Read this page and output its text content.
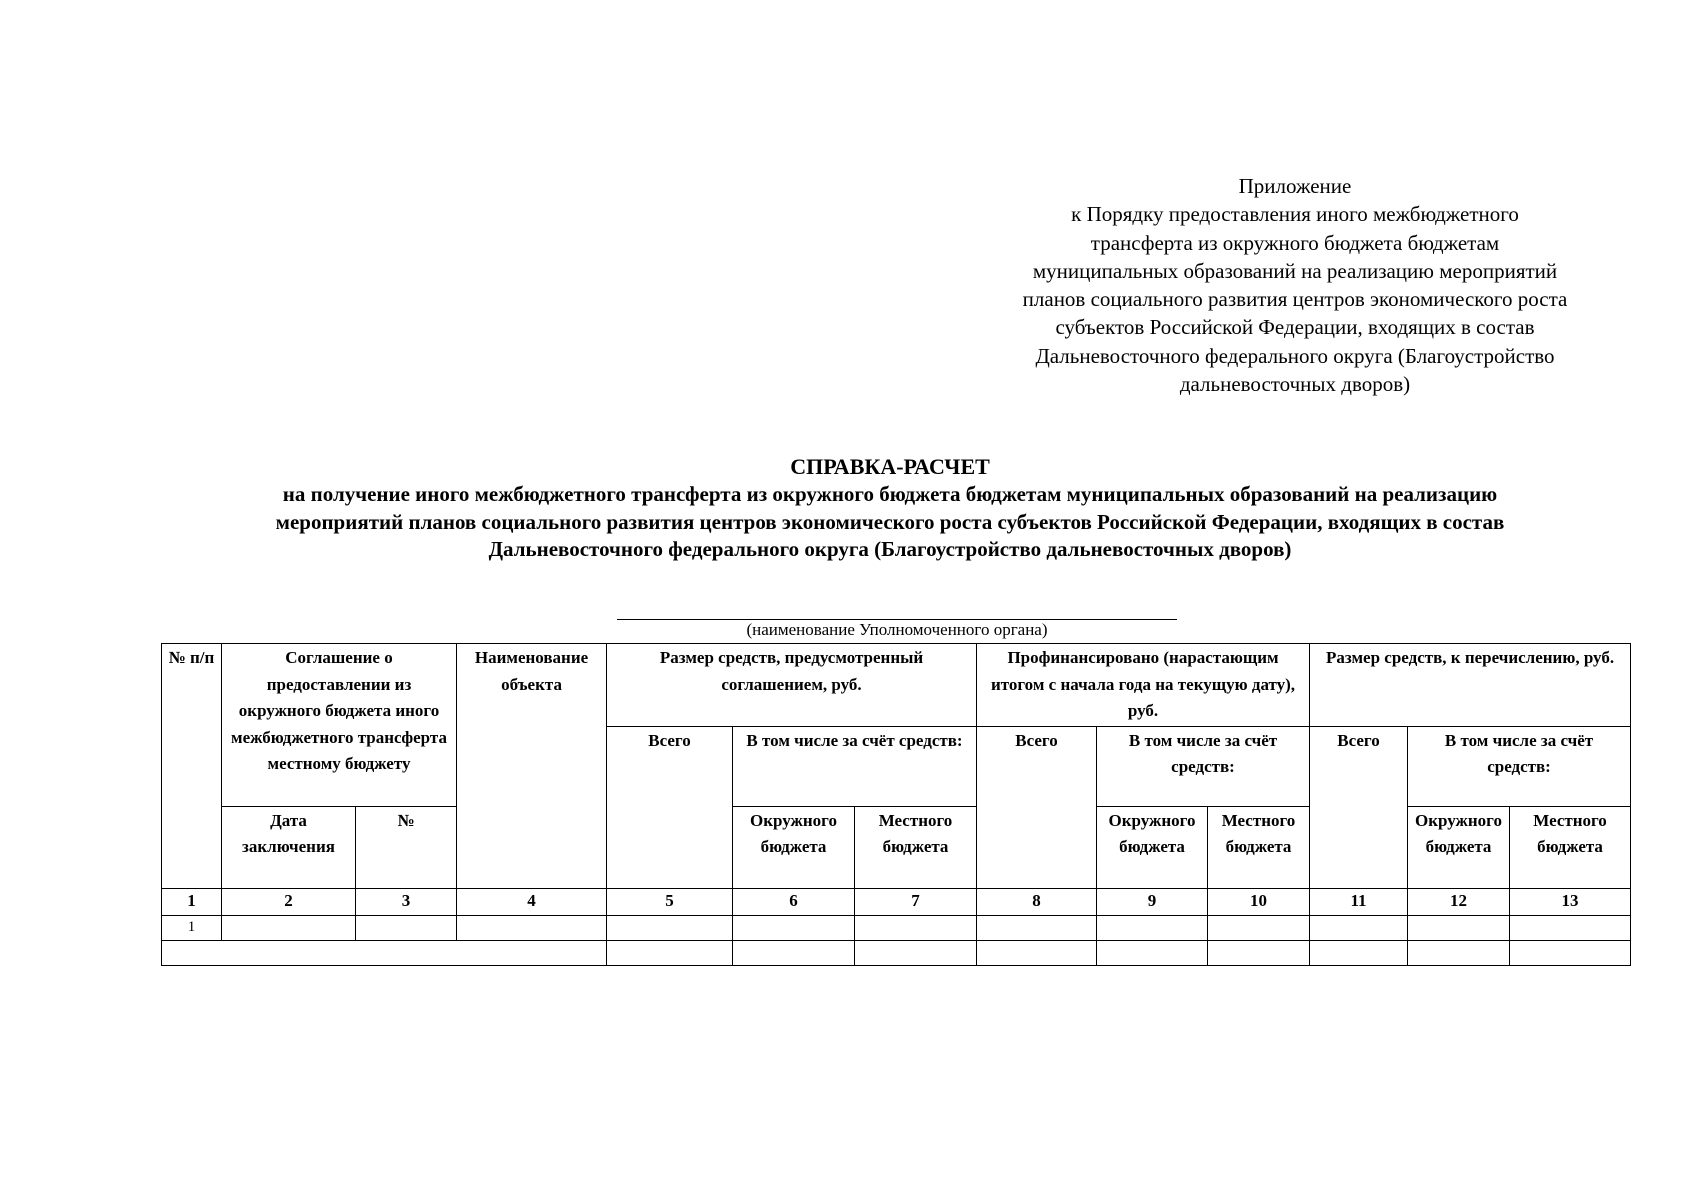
Приложение
к Порядку предоставления иного межбюджетного
трансферта из окружного бюджета бюджетам
муниципальных образований на реализацию мероприятий
планов социального развития центров экономического роста
субъектов Российской Федерации, входящих в состав
Дальневосточного федерального округа (Благоустройство
дальневосточных дворов)
СПРАВКА-РАСЧЕТ
на получение иного межбюджетного трансферта из окружного бюджета бюджетам муниципальных образований на реализацию
мероприятий планов социального развития центров экономического роста субъектов Российской Федерации, входящих в состав
Дальневосточного федерального округа (Благоустройство дальневосточных дворов)
(наименование Уполномоченного органа)
№ п/п	Соглашение о предоставлении из окружного бюджета иного межбюджетного трансферта местному бюджету		Наименование объекта	Размер средств, предусмотренный соглашением, руб.			Профинансировано (нарастающим итогом с начала года на текущую дату), руб.			Размер средств, к перечислению, руб.		
				Всего	В том числе за счёт средств:		Всего	В том числе за счёт средств:		Всего	В том числе за счёт средств:	
	Дата заключения	№			Окружного бюджета	Местного бюджета		Окружного бюджета	Местного бюджета		Окружного бюджета	Местного бюджета
1	2	3	4	5	6	7	8	9	10	11	12	13
1												
